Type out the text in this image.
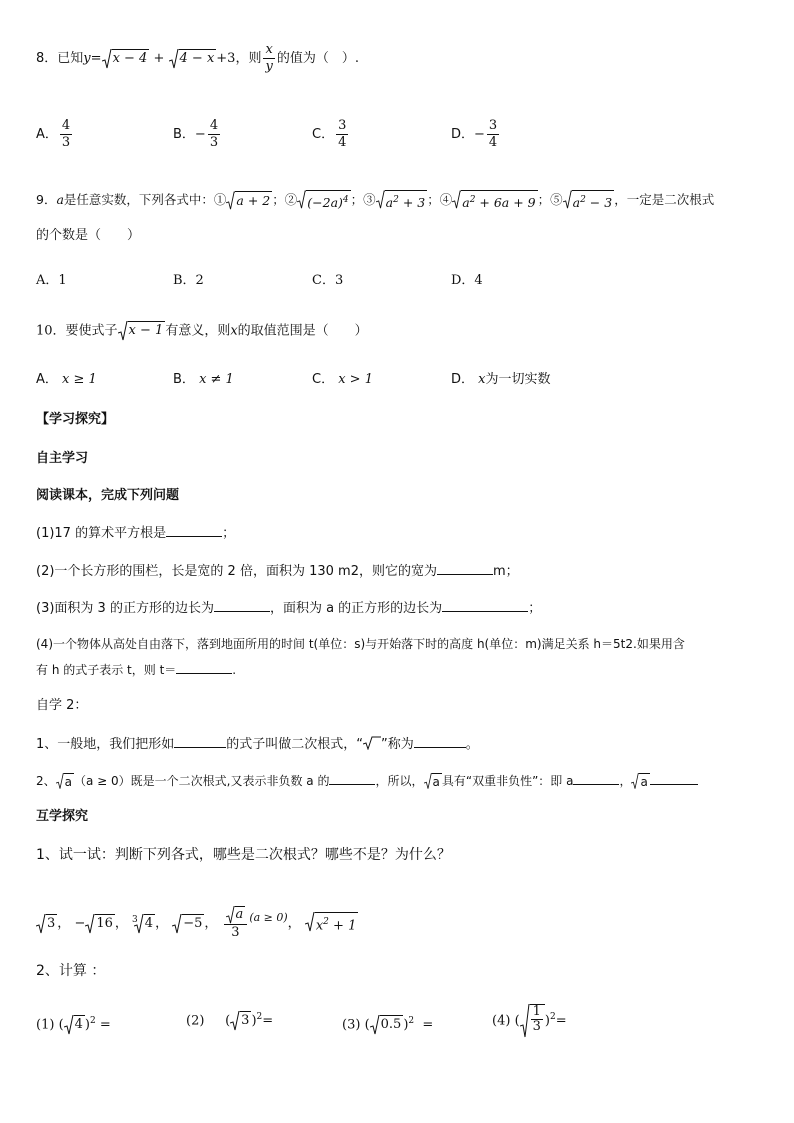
8．已知y= x − 4 + 4 − x +3，则 $\frac{x}{y}$ 的值为（　）.
A． $\frac{4}{3}$	B．− $\frac{4}{3}$	C． $\frac{3}{4}$	D．− $\frac{3}{4}$
9．a是任意实数，下列各式中：① a + 2 ；② $(-2a)^4$ ；③ $a^2 + 3$ ；④ $a^2 + 6a + 9$ ；⑤ $a^2 - 3$ ，一定是二次根式
的个数是（　　）
A．1	B．2	C．3	D．4
10．要使式子 x − 1 有意义，则x的取值范围是（　　）
A． x ≥ 1	B． x ≠ 1	C． x > 1	D． x为一切实数
【学习探究】
自主学习
阅读课本，完成下列问题
(1)17 的算术平方根是	；
(2)一个长方形的围栏，长是宽的 2 倍，面积为 130 m2，则它的宽为	m；
(3)面积为 3 的正方形的边长为	，面积为 a 的正方形的边长为	；
(4)一个物体从高处自由落下，落到地面所用的时间 t(单位：s)与开始落下时的高度 h(单位：m)满足关系 h＝5t2.如果用含
有 h 的式子表示 t，则 t＝	.
自学 2：
1、一般地，我们把形如	的式子叫做二次根式，“ ”称为	。
2、 a （a ≥ 0）既是一个二次根式,又表示非负数 a 的	，所以， a 具有“双重非负性”：即 a	， a
互学探究
1、试一试：判断下列各式，哪些是二次根式？哪些不是？为什么？
3 ， − 16 ， $^3$ 4 ， −5 ， $\frac{a}{3} ^{(a \ge 0)}$， $x^2 + 1$
2、计算 ：
(1) ( 4 )$^2$ =	(2) ( 3 )$^2$=	(3) ( 0.5 )$^2$ =	(4) ( $\frac{1}{3} )^2=$
